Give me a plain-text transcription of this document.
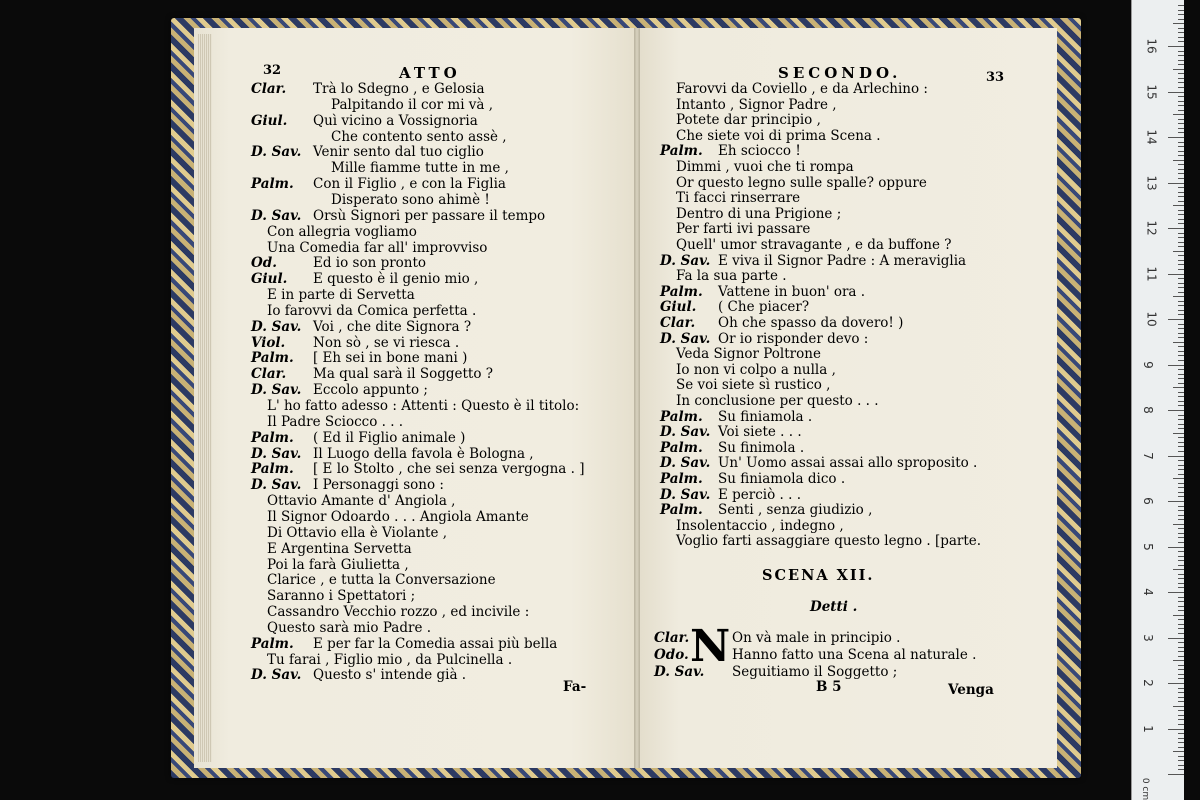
32	ATTO	SECONDO.	33
Clar. Trà lo Sdegno , e Gelosia
Palpitando il cor mi và ,
Giul. Quì vicino a Vossignoria
Che contento sento assè ,
D. Sav. Venir sento dal tuo ciglio
Mille fiamme tutte in me ,
Palm. Con il Figlio , e con la Figlia
Disperato sono ahimè !
D. Sav. Orsù Signori per passare il tempo
Con allegria vogliamo
Una Comedia far all' improvviso
Od.	Ed io son pronto
Giul. E questo è il genio mio ,
E in parte di Servetta
Io farovvi da Comica perfetta .
D. Sav. Voi , che dite Signora ?
Viol. Non sò , se vi riesca .
Palm. [ Eh sei in bone mani )
Clar. Ma qual sarà il Soggetto ?
D. Sav. Eccolo appunto ;
L' ho fatto adesso : Attenti : Questo è il titolo:
Il Padre Sciocco . . .
Palm. ( Ed il Figlio animale )
D. Sav. Il Luogo della favola è Bologna ,
Palm. [ E lo Stolto , che sei senza vergogna . ]
D. Sav. I Personaggi sono :
Ottavio Amante d' Angiola ,
Il Signor Odoardo . . . Angiola Amante
Di Ottavio ella è Violante ,
E Argentina Servetta
Poi la farà Giulietta ,
Clarice , e tutta la Conversazione
Saranno i Spettatori ;
Cassandro Vecchio rozzo , ed incivile :
Questo sarà mio Padre .
Palm. E per far la Comedia assai più bella
Tu farai , Figlio mio , da Pulcinella .
D. Sav. Questo s' intende già .
Farovvi da Coviello , e da Arlechino :
Intanto , Signor Padre ,
Potete dar principio ,
Che siete voi di prima Scena .
Palm. Eh sciocco !
Dimmi , vuoi che ti rompa
Or questo legno sulle spalle? oppure
Ti facci rinserrare
Dentro di una Prigione ;
Per farti ivi passare
Quell' umor stravagante , e da buffone ?
D. Sav. E viva il Signor Padre : A meraviglia
Fa la sua parte .
Palm. Vattene in buon' ora .
Giul. ( Che piacer?
Clar. Oh che spasso da dovero! )
D. Sav. Or io risponder devo :
Veda Signor Poltrone
Io non vi colpo a nulla ,
Se voi siete sì rustico ,
In conclusione per questo . . .
Palm. Su finiamola .
D. Sav. Voi siete . . .
Palm. Su finimola .
D. Sav. Un' Uomo assai assai allo sproposito .
Palm. Su finiamola dico .
D. Sav. E perciò . . .
Palm. Senti , senza giudizio ,
Insolentaccio , indegno ,
Voglio farti assaggiare questo legno . [parte.
Fa-
SCENA XII.
Detti .
N
Clar.	On và male in principio .
Odo.	Hanno fatto una Scena al naturale .
D. Sav. Seguitiamo il Soggetto ;
B 5	Venga
0 cm
1
2
3
4
5
6
7
8
9
10
11
12
13
14
15
16
